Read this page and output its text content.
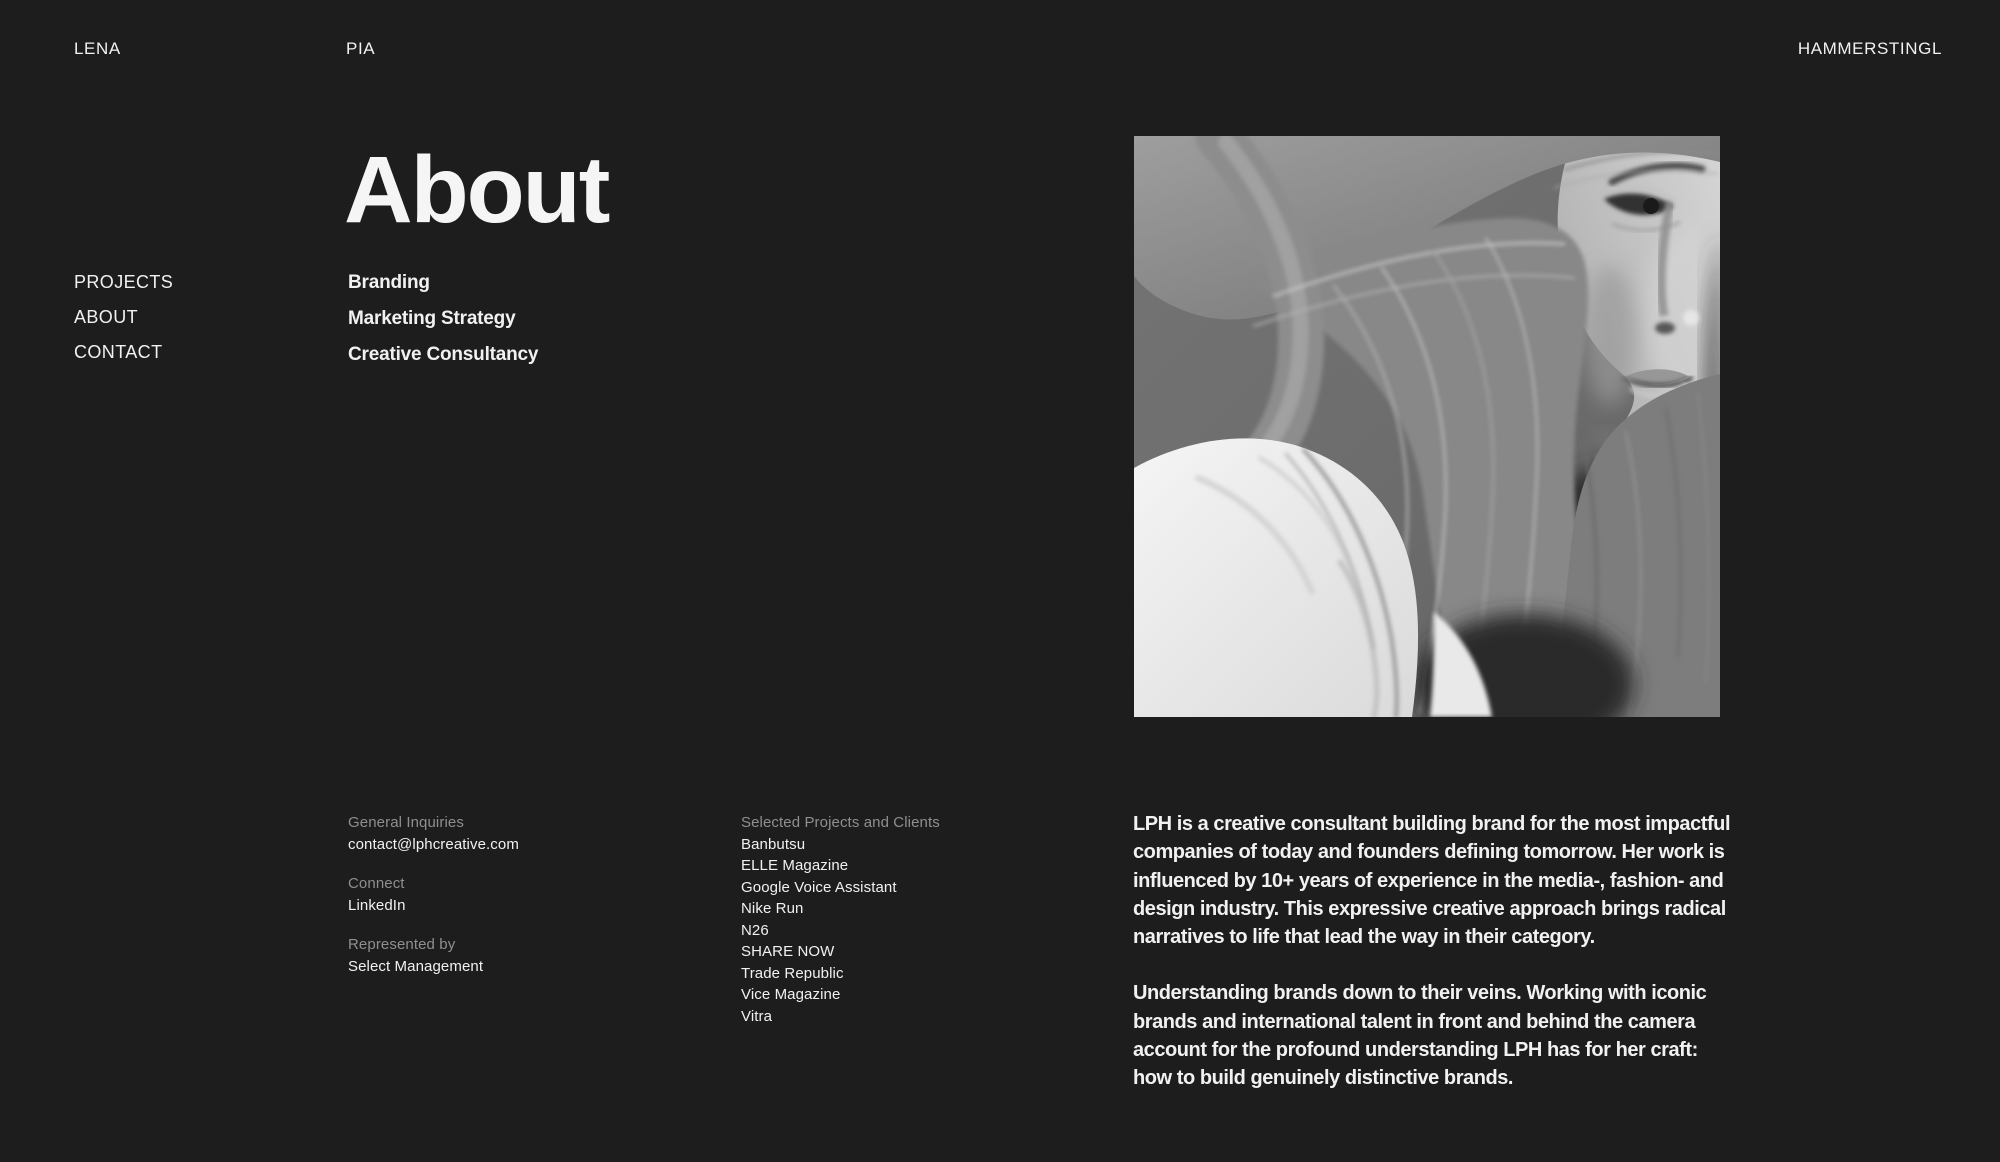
LENA	PIA	HAMMERSTINGL
PROJECTS
ABOUT
CONTACT
About
Branding
Marketing Strategy
Creative Consultancy
General Inquiries
contact@lphcreative.com
Connect
LinkedIn
Represented by
Select Management
Selected Projects and Clients
Banbutsu
ELLE Magazine
Google Voice Assistant
Nike Run
N26
SHARE NOW
Trade Republic
Vice Magazine
Vitra
LPH is a creative consultant building brand for the most impactful
companies of today and founders defining tomorrow. Her work is
influenced by 10+ years of experience in the media-, fashion- and
design industry. This expressive creative approach brings radical
narratives to life that lead the way in their category.
Understanding brands down to their veins. Working with iconic
brands and international talent in front and behind the camera
account for the profound understanding LPH has for her craft:
how to build genuinely distinctive brands.
